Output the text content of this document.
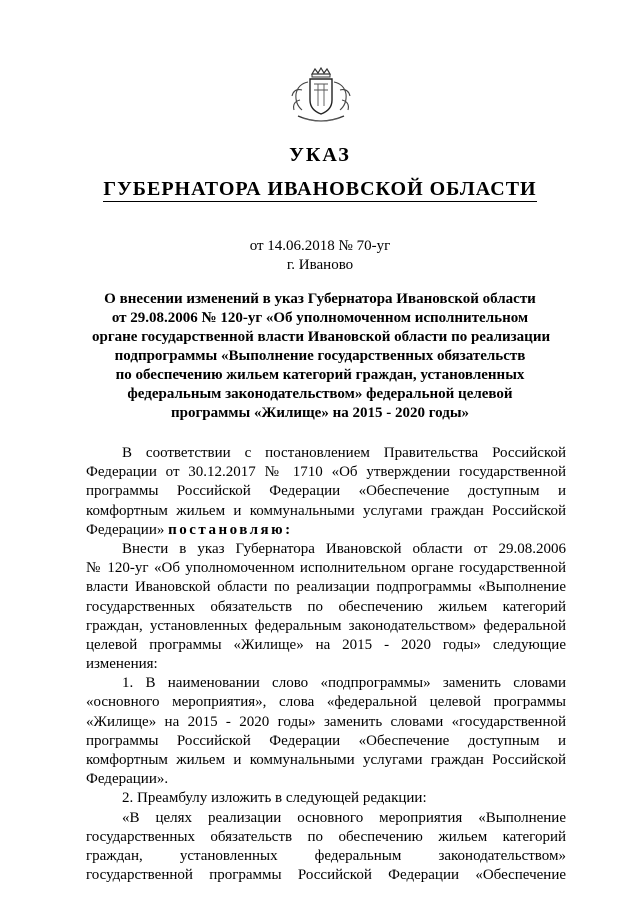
УКАЗ
ГУБЕРНАТОРА ИВАНОВСКОЙ ОБЛАСТИ
от 14.06.2018 № 70-уг
г. Иваново
О внесении изменений в указ Губернатора Ивановской области
от 29.08.2006 № 120-уг «Об уполномоченном исполнительном
органе государственной власти Ивановской области по реализации
подпрограммы «Выполнение государственных обязательств
по обеспечению жильем категорий граждан, установленных
федеральным законодательством» федеральной целевой
программы «Жилище» на 2015 - 2020 годы»
В соответствии с постановлением Правительства Российской
Федерации от 30.12.2017 № 1710 «Об утверждении государственной
программы Российской Федерации «Обеспечение доступным и
комфортным жильем и коммунальными услугами граждан Российской
Федерации» постановляю:
Внести в указ Губернатора Ивановской области от 29.08.2006
№ 120-уг «Об уполномоченном исполнительном органе государственной
власти Ивановской области по реализации подпрограммы «Выполнение
государственных обязательств по обеспечению жильем категорий
граждан, установленных федеральным законодательством» федеральной
целевой программы «Жилище» на 2015 - 2020 годы» следующие
изменения:
1. В наименовании слово «подпрограммы» заменить словами
«основного мероприятия», слова «федеральной целевой программы
«Жилище» на 2015 - 2020 годы» заменить словами «государственной
программы Российской Федерации «Обеспечение доступным и
комфортным жильем и коммунальными услугами граждан Российской
Федерации».
2. Преамбулу изложить в следующей редакции:
«В целях реализации основного мероприятия «Выполнение
государственных обязательств по обеспечению жильем категорий
граждан, установленных федеральным законодательством»
государственной программы Российской Федерации «Обеспечение
